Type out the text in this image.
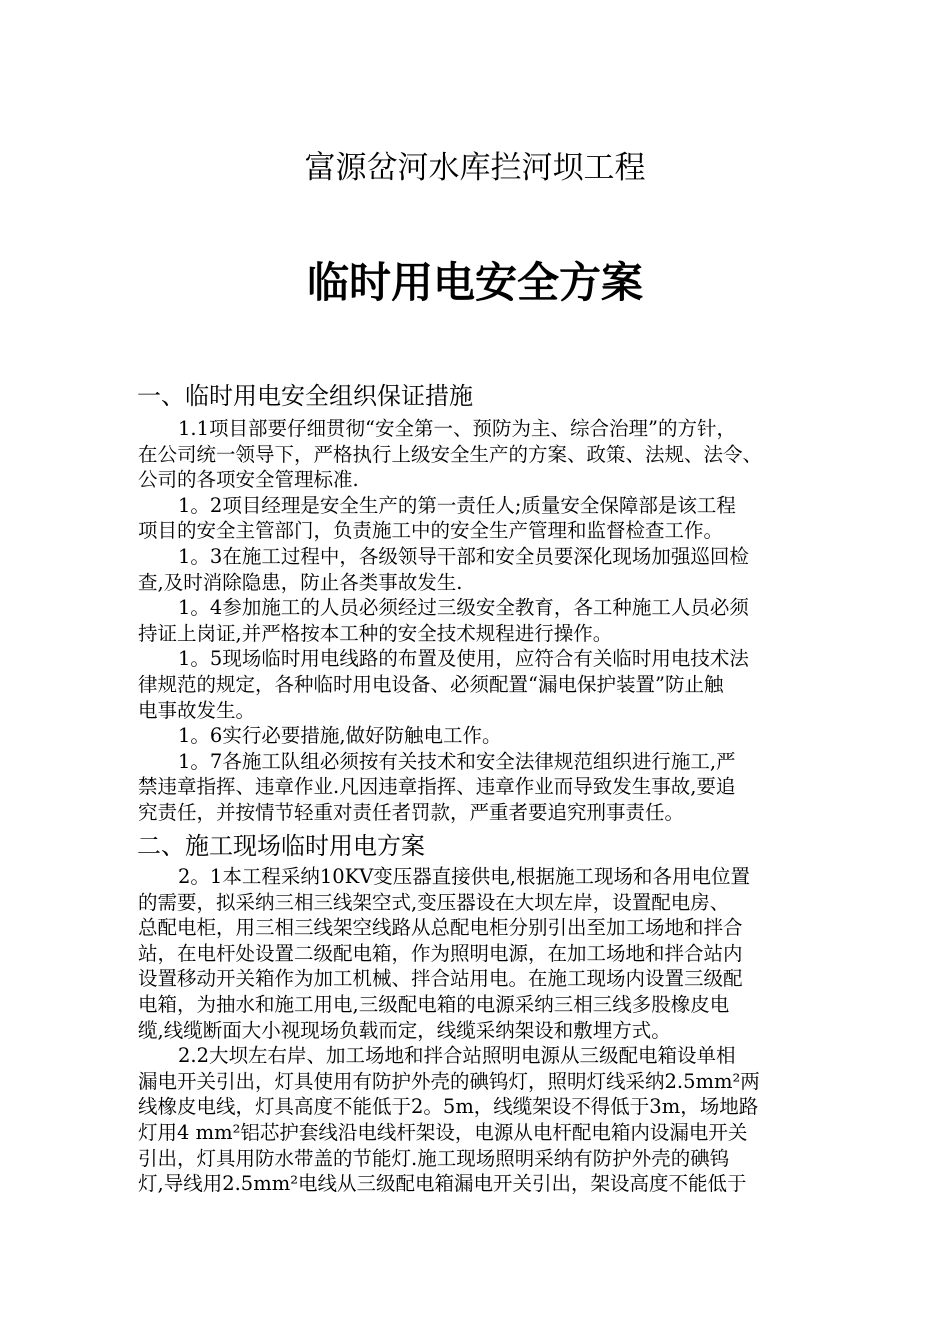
富源岔河水库拦河坝工程
临时用电安全方案
一、临时用电安全组织保证措施
1.1项目部要仔细贯彻“安全第一、预防为主、综合治理”的方针，
在公司统一领导下，严格执行上级安全生产的方案、政策、法规、法令、
公司的各项安全管理标准.
1。2项目经理是安全生产的第一责任人;质量安全保障部是该工程
项目的安全主管部门，负责施工中的安全生产管理和监督检查工作。
1。3在施工过程中，各级领导干部和安全员要深化现场加强巡回检
查,及时消除隐患，防止各类事故发生.
1。4参加施工的人员必须经过三级安全教育，各工种施工人员必须
持证上岗证,并严格按本工种的安全技术规程进行操作。
1。5现场临时用电线路的布置及使用，应符合有关临时用电技术法
律规范的规定，各种临时用电设备、必须配置“漏电保护装置”防止触
电事故发生。
1。6实行必要措施,做好防触电工作。
1。7各施工队组必须按有关技术和安全法律规范组织进行施工,严
禁违章指挥、违章作业.凡因违章指挥、违章作业而导致发生事故,要追
究责任，并按情节轻重对责任者罚款，严重者要追究刑事责任。
二、施工现场临时用电方案
2。1本工程采纳10KV变压器直接供电,根据施工现场和各用电位置
的需要，拟采纳三相三线架空式,变压器设在大坝左岸，设置配电房、
总配电柜，用三相三线架空线路从总配电柜分别引出至加工场地和拌合
站，在电杆处设置二级配电箱，作为照明电源，在加工场地和拌合站内
设置移动开关箱作为加工机械、拌合站用电。在施工现场内设置三级配
电箱，为抽水和施工用电,三级配电箱的电源采纳三相三线多股橡皮电
缆,线缆断面大小视现场负载而定，线缆采纳架设和敷埋方式。
2.2大坝左右岸、加工场地和拌合站照明电源从三级配电箱设单相
漏电开关引出，灯具使用有防护外壳的碘钨灯，照明灯线采纳2.5mm²两
线橡皮电线，灯具高度不能低于2。5m，线缆架设不得低于3m，场地路
灯用4 mm²铝芯护套线沿电线杆架设，电源从电杆配电箱内设漏电开关
引出，灯具用防水带盖的节能灯.施工现场照明采纳有防护外壳的碘钨
灯,导线用2.5mm²电线从三级配电箱漏电开关引出，架设高度不能低于
